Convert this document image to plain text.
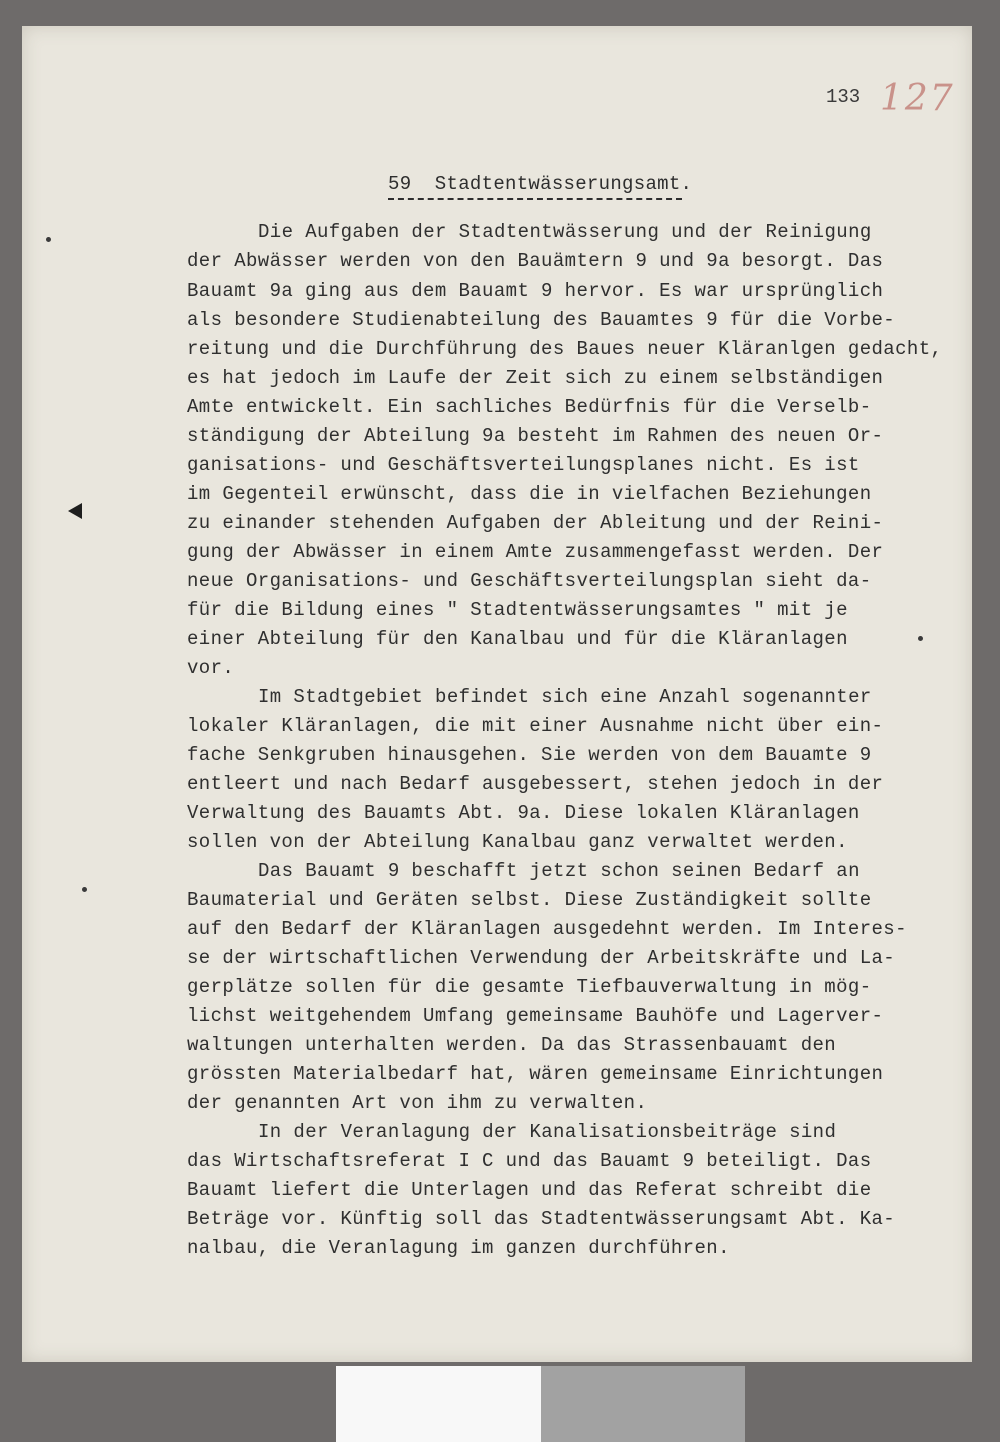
133 127
59  Stadtentwässerungsamt.
Die Aufgaben der Stadtentwässerung und der Reinigung
der Abwässer werden von den Bauämtern 9 und 9a besorgt. Das
Bauamt 9a ging aus dem Bauamt 9 hervor. Es war ursprünglich
als besondere Studienabteilung des Bauamtes 9 für die Vorbe-
reitung und die Durchführung des Baues neuer Kläranlgen gedacht,
es hat jedoch im Laufe der Zeit sich zu einem selbständigen
Amte entwickelt. Ein sachliches Bedürfnis für die Verselb-
ständigung der Abteilung 9a besteht im Rahmen des neuen Or-
ganisations- und Geschäftsverteilungsplanes nicht. Es ist
im Gegenteil erwünscht, dass die in vielfachen Beziehungen
zu einander stehenden Aufgaben der Ableitung und der Reini-
gung der Abwässer in einem Amte zusammengefasst werden. Der
neue Organisations- und Geschäftsverteilungsplan sieht da-
für die Bildung eines " Stadtentwässerungsamtes " mit je
einer Abteilung für den Kanalbau und für die Kläranlagen
vor.
Im Stadtgebiet befindet sich eine Anzahl sogenannter
lokaler Kläranlagen, die mit einer Ausnahme nicht über ein-
fache Senkgruben hinausgehen. Sie werden von dem Bauamte 9
entleert und nach Bedarf ausgebessert, stehen jedoch in der
Verwaltung des Bauamts Abt. 9a. Diese lokalen Kläranlagen
sollen von der Abteilung Kanalbau ganz verwaltet werden.
Das Bauamt 9 beschafft jetzt schon seinen Bedarf an
Baumaterial und Geräten selbst. Diese Zuständigkeit sollte
auf den Bedarf der Kläranlagen ausgedehnt werden. Im Interes-
se der wirtschaftlichen Verwendung der Arbeitskräfte und La-
gerplätze sollen für die gesamte Tiefbauverwaltung in mög-
lichst weitgehendem Umfang gemeinsame Bauhöfe und Lagerver-
waltungen unterhalten werden. Da das Strassenbauamt den
grössten Materialbedarf hat, wären gemeinsame Einrichtungen
der genannten Art von ihm zu verwalten.
In der Veranlagung der Kanalisationsbeiträge sind
das Wirtschaftsreferat I C und das Bauamt 9 beteiligt. Das
Bauamt liefert die Unterlagen und das Referat schreibt die
Beträge vor. Künftig soll das Stadtentwässerungsamt Abt. Ka-
nalbau, die Veranlagung im ganzen durchführen.
